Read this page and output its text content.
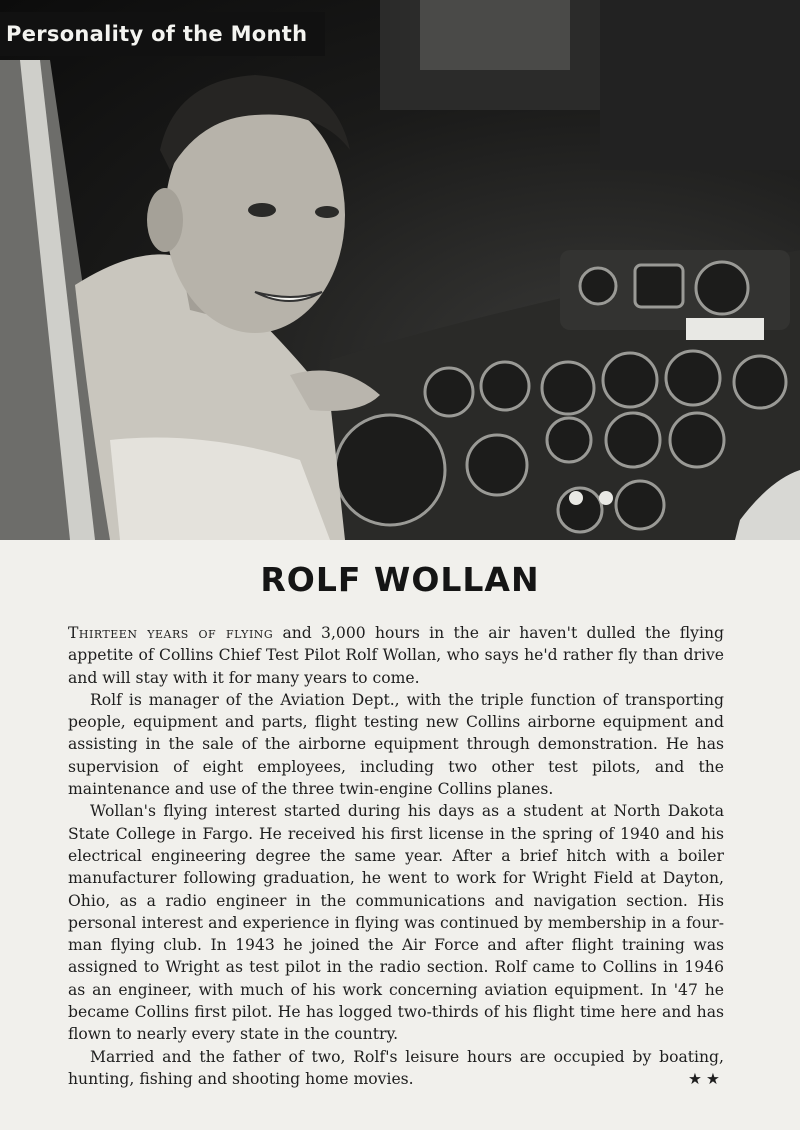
Personality of the Month
ROLF WOLLAN

Thirteen years of flying and 3,000 hours in the air haven't dulled the flying appetite of Collins Chief Test Pilot Rolf Wollan, who says he'd rather fly than drive and will stay with it for many years to come.

Rolf is manager of the Aviation Dept., with the triple function of transporting people, equipment and parts, flight testing new Collins airborne equipment and assisting in the sale of the airborne equipment through demonstration. He has supervision of eight employees, including two other test pilots, and the maintenance and use of the three twin-engine Collins planes.

Wollan's flying interest started during his days as a student at North Dakota State College in Fargo. He received his first license in the spring of 1940 and his electrical engineering degree the same year. After a brief hitch with a boiler manufacturer following graduation, he went to work for Wright Field at Dayton, Ohio, as a radio engineer in the communications and navigation section. His personal interest and experience in flying was continued by membership in a four-man flying club. In 1943 he joined the Air Force and after flight training was assigned to Wright as test pilot in the radio section. Rolf came to Collins in 1946 as an engineer, with much of his work concerning aviation equipment. In '47 he became Collins first pilot. He has logged two-thirds of his flight time here and has flown to nearly every state in the country.

Married and the father of two, Rolf's leisure hours are occupied by boating, hunting, fishing and shooting home movies.	★★
